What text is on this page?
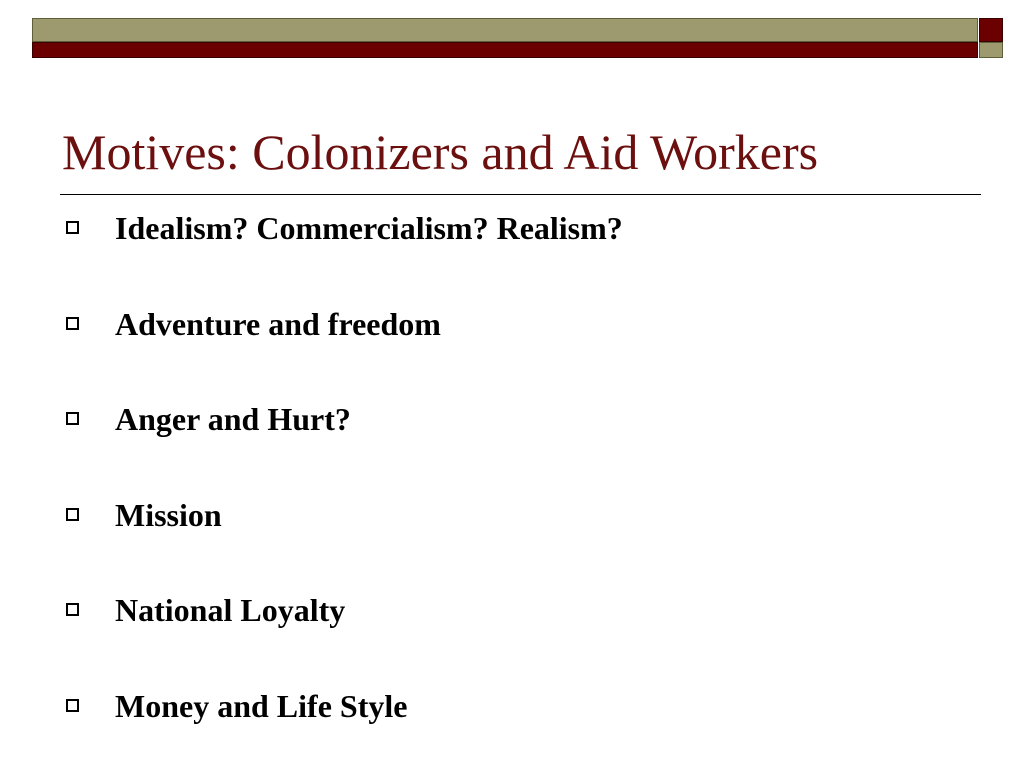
Motives: Colonizers and Aid Workers
Idealism? Commercialism? Realism?
Adventure and freedom
Anger and Hurt?
Mission
National Loyalty
Money and Life Style
